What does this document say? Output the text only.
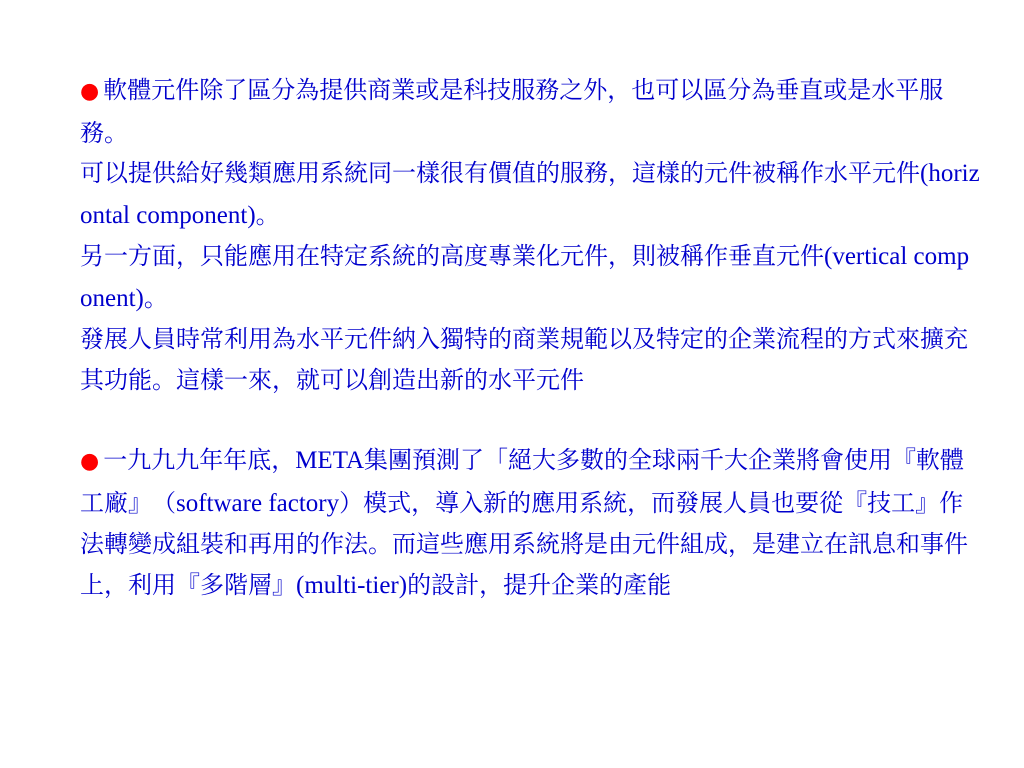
● 軟體元件除了區分為提供商業或是科技服務之外，也可以區分為垂直或是水平服務。

可以提供給好幾類應用系統同一樣很有價值的服務，這樣的元件被稱作水平元件(horizontal component)。

另一方面，只能應用在特定系統的高度專業化元件，則被稱作垂直元件(vertical component)。

發展人員時常利用為水平元件納入獨特的商業規範以及特定的企業流程的方式來擴充其功能。這樣一來，就可以創造出新的水平元件

● 一九九九年年底，META集團預測了「絕大多數的全球兩千大企業將會使用『軟體工廠』　（software factory）模式，導入新的應用系統，而發展人員也要從『技工』作法轉變成組裝和再用的作法。而這些應用系統將是由元件組成，是建立在訊息和事件上，利用『多階層』(multi-tier)的設計，提升企業的產能
